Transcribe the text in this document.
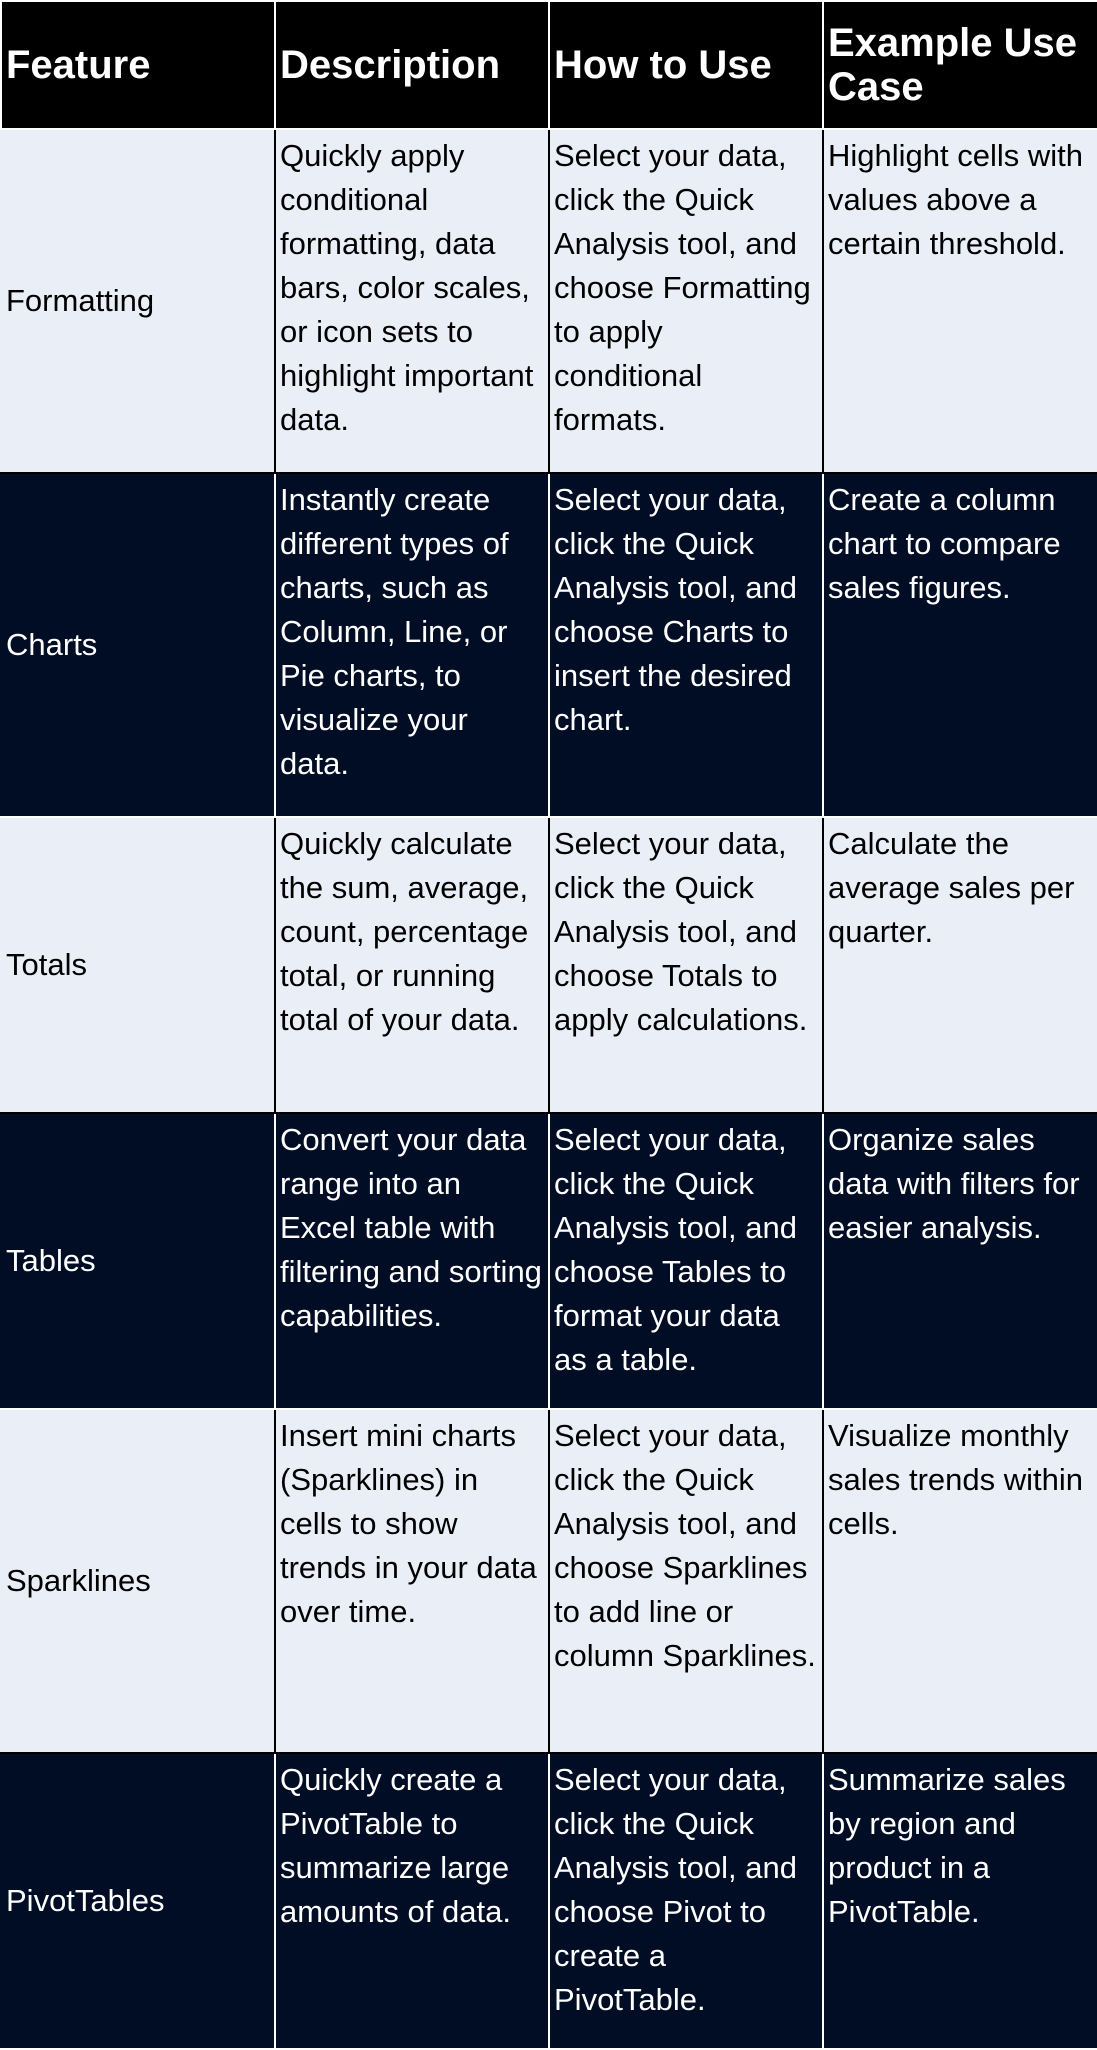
Feature	Description	How to Use	Example Use Case
Formatting	Quickly apply conditional formatting, data bars, color scales, or icon sets to highlight important data.	Select your data, click the Quick Analysis tool, and choose Formatting to apply conditional formats.	Highlight cells with values above a certain threshold.
Charts	Instantly create different types of charts, such as Column, Line, or Pie charts, to visualize your data.	Select your data, click the Quick Analysis tool, and choose Charts to insert the desired chart.	Create a column chart to compare sales figures.
Totals	Quickly calculate the sum, average, count, percentage total, or running total of your data.	Select your data, click the Quick Analysis tool, and choose Totals to apply calculations.	Calculate the average sales per quarter.
Tables	Convert your data range into an Excel table with filtering and sorting capabilities.	Select your data, click the Quick Analysis tool, and choose Tables to format your data as a table.	Organize sales data with filters for easier analysis.
Sparklines	Insert mini charts (Sparklines) in cells to show trends in your data over time.	Select your data, click the Quick Analysis tool, and choose Sparklines to add line or column Sparklines.	Visualize monthly sales trends within cells.
PivotTables	Quickly create a PivotTable to summarize large amounts of data.	Select your data, click the Quick Analysis tool, and choose Pivot to create a PivotTable.	Summarize sales by region and product in a PivotTable.
